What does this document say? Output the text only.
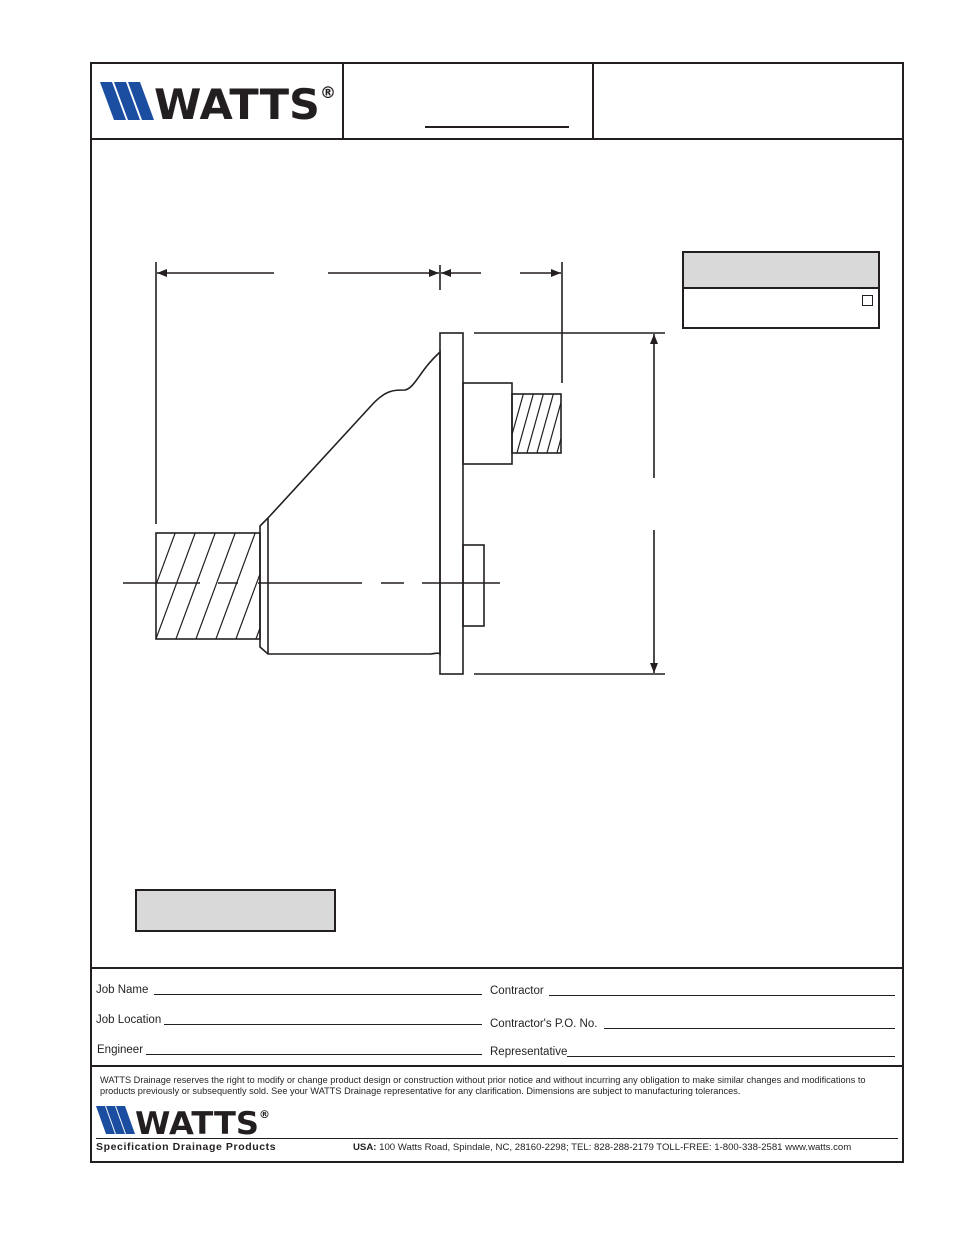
WATTS ®
Job Name
Job Location
Engineer
Contractor
Contractor's P.O. No.
Representative
WATTS Drainage reserves the right to modify or change product design or construction without prior notice and without incurring any obligation to make similar changes and modifications to products previously or subsequently sold. See your WATTS Drainage representative for any clarification. Dimensions are subject to manufacturing tolerances.
WATTS ®
Specification Drainage Products	USA: 100 Watts Road, Spindale, NC, 28160-2298; TEL: 828-288-2179 TOLL-FREE: 1-800-338-2581 www.watts.com
